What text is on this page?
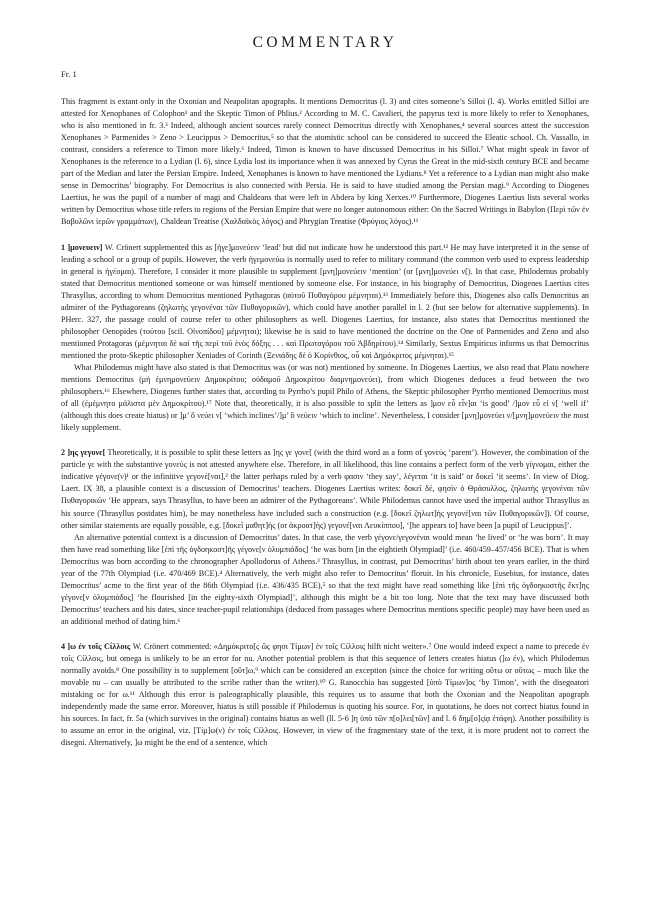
COMMENTARY
Fr. 1

This fragment is extant only in the Oxonian and Neapolitan apographs. It mentions Democritus (l. 3) and cites someone’s Silloi (l. 4). Works entitled Silloi are attested for Xenophanes of Colophon¹ and the Skeptic Timon of Phlius.² According to M. C. Cavalieri, the papyrus text is more likely to refer to Xenophanes, who is also mentioned in fr. 3.³ Indeed, although ancient sources rarely connect Democritus directly with Xenophanes,⁴ several sources attest the succession Xenophanes > Parmenides > Zeno > Leucippus > Democritus,⁵ so that the atomistic school can be considered to succeed the Eleatic school. Ch. Vassallo, in contrast, considers a reference to Timon more likely.⁶ Indeed, Timon is known to have discussed Democritus in his Silloi.⁷ What might speak in favor of Xenophanes is the reference to a Lydian (l. 6), since Lydia lost its importance when it was annexed by Cyrus the Great in the mid-sixth century BCE and became part of the Median and later the Persian Empire. Indeed, Xenophanes is known to have mentioned the Lydians.⁸ Yet a reference to a Lydian man might also make sense in Democritus’ biography. For Democritus is also connected with Persia. He is said to have studied among the Persian magi.⁹ According to Diogenes Laertius, he was the pupil of a number of magi and Chaldeans that were left in Abdera by king Xerxes.¹⁰ Furthermore, Diogenes Laertius lists several works written by Democritus whose title refers to regions of the Persian Empire that were no longer autonomous either: On the Sacred Writings in Babylon (Περὶ τῶν ἐν Βαβυλῶνι ἱερῶν γραμμάτων), Chaldean Treatise (Χαλδαϊκὸς λόγος) and Phrygian Treatise (Φρύγιος λόγος).¹¹

1 ]μονευειν] W. Crönert supplemented this as [ἡγε]μονεύειν ‘lead’ but did not indicate how he understood this part.¹² He may have interpreted it in the sense of leading a school or a group of pupils. However, the verb ἡγεμονεύω is normally used to refer to military command (the common verb used to express leadership in general is ἡγέομαι). Therefore, I consider it more plausible to supplement [μνη]μονεύειν ‘mention’ (or [μνη]μονεύει ν[). In that case, Philodemus probably stated that Democritus mentioned someone or was himself mentioned by someone else. For instance, in his biography of Democritus, Diogenes Laertius cites Thrasyllus, according to whom Democritus mentioned Pythagoras (αὐτοῦ Πυθαγόρου μέμνηται).¹³ Immediately before this, Diogenes also calls Democritus an admirer of the Pythagoreans (ζηλωτὴς γεγονέναι τῶν Πυθαγορικῶν), which could have another parallel in l. 2 (but see below for alternative supplements). In PHerc. 327, the passage could of course refer to other philosophers as well. Diogenes Laertius, for instance, also states that Democritus mentioned the philosopher Oenopides (τούτου [scil. Οἰνοπίδου] μέμνηται); likewise he is said to have mentioned the doctrine on the One of Parmenides and Zeno and also mentioned Protagoras (μέμνηται δὲ καὶ τῆς περὶ τοῦ ἑνὸς δόξης . . . καὶ Πρωταγόρου τοῦ Ἀβδηρίτου).¹⁴ Similarly, Sextus Empiricus informs us that Democritus mentioned the proto-Skeptic philosopher Xeniades of Corinth (Ξενιάδης δὲ ὁ Κορίνθιος, οὗ καὶ Δημόκριτος μέμνηται).¹⁵

What Philodemus might have also stated is that Democritus was (or was not) mentioned by someone. In Diogenes Laertius, we also read that Plato nowhere mentions Democritus (μὴ ἐμνημονεύειν Δημοκρίτου; οὐδαμοῦ Δημοκρίτου διαμνημονεύει), from which Diogenes deduces a feud between the two philosophers.¹⁶ Elsewhere, Diogenes further states that, according to Pyrrho’s pupil Philo of Athens, the Skeptic philosopher Pyrrho mentioned Democritus most of all (ἐμέμνητο μάλιστα μὲν Δημοκρίτου).¹⁷ Note that, theoretically, it is also possible to split the letters as ]μον εὖ εἶν]αι ‘is good’ /]μον εὖ εἰ ν[ ‘well if’ (although this does create hiatus) or ]μ’ ὃ νεύει ν[ ‘which inclines’/]μ’ ὃ νεύειν ‘which to incline’. Nevertheless, I consider [μνη]μονεύει ν/[μνη]μονεύειν the most likely supplement.

2 ]ης γεγονε[ Theoretically, it is possible to split these letters as ]ης γε γονε[ (with the third word as a form of γονεύς ‘parent’). However, the combination of the particle γε with the substantive γονεύς is not attested anywhere else. Therefore, in all likelihood, this line contains a perfect form of the verb γίγνομαι, either the indicative γέγονε(ν)¹ or the infinitive γεγονέ[ναι],² the latter perhaps ruled by a verb φασιν ‘they say’, λέγεται ‘it is said’ or δοκεῖ ‘it seems’. In view of Diog. Laert. IX 38, a plausible context is a discussion of Democritus’ teachers. Diogenes Laertius writes: δοκεῖ δέ, φησὶν ὁ Θράσυλλος, ζηλωτὴς γεγονέναι τῶν Πυθαγορικῶν ‘He appears, says Thrasyllus, to have been an admirer of the Pythagoreans’. While Philodemus cannot have used the imperial author Thrasyllus as his source (Thrasyllus postdates him), he may nonetheless have included such a construction (e.g. [δοκεῖ ζηλωτ]ὴς γεγονέ[ναι τῶν Πυθαγορικῶν]). Of course, other similar statements are equally possible, e.g. [δοκεῖ μαθητ]ὴς (or ἀκροατ]ὴς) γεγονέ[ναι Λευκίππου], ‘[he appears to] have been [a pupil of Leucippus]’.

An alternative potential context is a discussion of Democritus’ dates. In that case, the verb γέγονε/γεγονέναι would mean ‘he lived’ or ‘he was born’. It may then have read something like [ἐπὶ τῆς ὀγδοηκοστ]ῆς γέγονε[ν ὀλυμπιάδος] ‘he was born [in the eightieth Olympiad]’ (i.e. 460/459–457/456 BCE). That is when Democritus was born according to the chronographer Apollodorus of Athens.³ Thrasyllus, in contrast, put Democritus’ birth about ten years earlier, in the third year of the 77th Olympiad (i.e. 470/469 BCE).⁴ Alternatively, the verb might also refer to Democritus’ floruit. In his chronicle, Eusebius, for instance, dates Democritus’ acme to the first year of the 86th Olympiad (i.e. 436/435 BCE),⁵ so that the text might have read something like [ἐπὶ τῆς ὀγδοηκοστῆς ἕκτ]ης γέγονε[ν ὀλυμπιάδος] ‘he flourished [in the eighty-sixth Olympiad]’, although this might be a bit too long. Note that the text may have discussed both Democritus’ teachers and his dates, since teacher-pupil relationships (deduced from passages where Democritus mentions specific people) may have been used as an additional method of dating him.⁶

4 ]ω ἐν τοῖς Cίλλοις W. Crönert commented: «Δημόκριτο[ς ὥς φησι Τίμων] ἐν τοῖς Cίλλοις hilft nicht weiter».⁷ One would indeed expect a name to precede ἐν τοῖς Cίλλοις, but omega is unlikely to be an error for nu. Another potential problem is that this sequence of letters creates hiatus (]ω ἐν), which Philodemus normally avoids.⁸ One possibility is to supplement [οὕτ]ω,⁹ which can be considered an exception (since the choice for writing οὕτω or οὕτως – much like the movable nu – can usually be attributed to the scribe rather than the writer).¹⁰ G. Ranocchia has suggested [ὑπὸ Τίμων]ος ‘by Timon’, with the disegnatori mistaking oc for ω.¹¹ Although this error is paleographically plausible, this requires us to assume that both the Oxonian and the Neapolitan apograph independently made the same error. Moreover, hiatus is still possible if Philodemus is quoting his source. For, in quotations, he does not correct hiatus found in his sources. In fact, fr. 5a (which survives in the original) contains hiatus as well (ll. 5-6 ]η ὑπὸ τῶν π[ο]λει[τῶν] and l. 6 δημ[ο]ςίᾳ ἐτάφη). Another possibility is to assume an error in the original, viz. [Τίμ]ω(ν) ἐν τοῖς Cίλλοις. However, in view of the fragmentary state of the text, it is more prudent not to correct the disegni. Alternatively, ]ω might be the end of a sentence, which
